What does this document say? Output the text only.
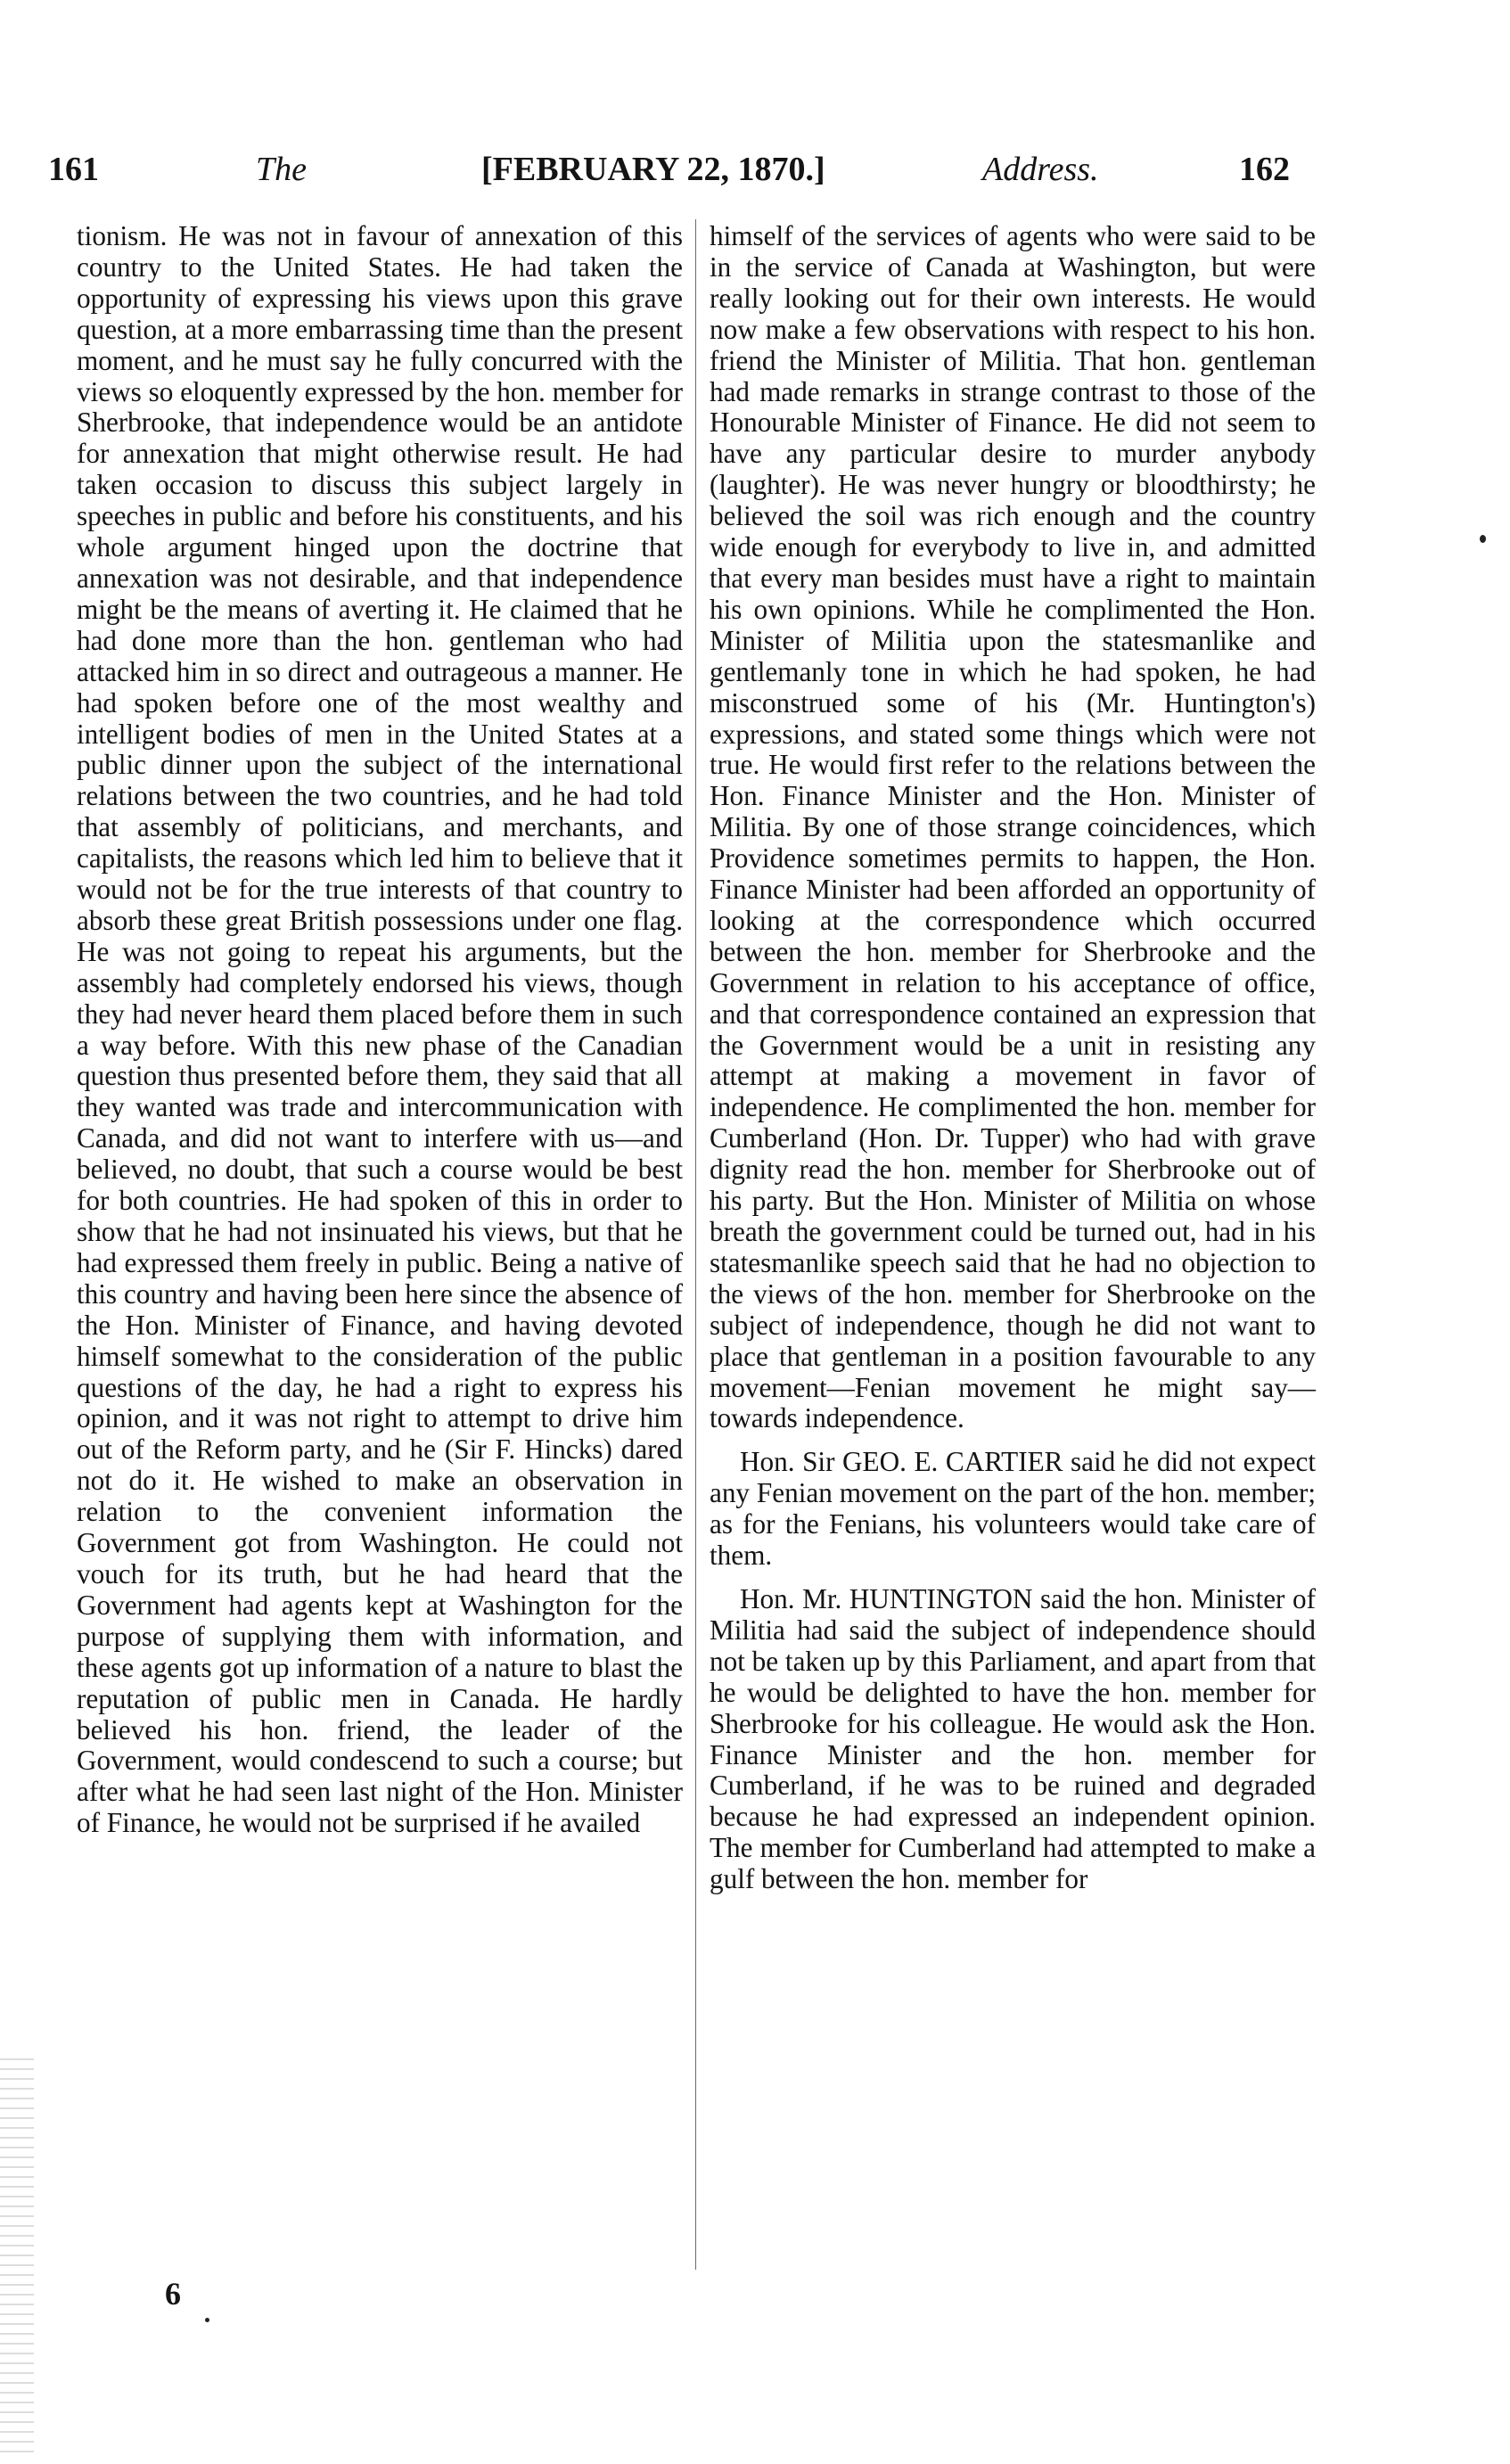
161	The	[FEBRUARY 22, 1870.]	Address.	162

tionism. He was not in favour of annexation of this country to the United States. He had taken the opportunity of expressing his views upon this grave question, at a more embarrassing time than the present moment, and he must say he fully concurred with the views so eloquently expressed by the hon. member for Sherbrooke, that independence would be an antidote for annexation that might otherwise result. He had taken occasion to discuss this subject largely in speeches in public and before his constituents, and his whole argument hinged upon the doctrine that annexation was not desirable, and that independence might be the means of averting it. He claimed that he had done more than the hon. gentleman who had attacked him in so direct and outrageous a manner. He had spoken before one of the most wealthy and intelligent bodies of men in the United States at a public dinner upon the subject of the international relations between the two countries, and he had told that assembly of politicians, and merchants, and capitalists, the reasons which led him to believe that it would not be for the true interests of that country to absorb these great British possessions under one flag. He was not going to repeat his arguments, but the assembly had completely endorsed his views, though they had never heard them placed before them in such a way before. With this new phase of the Canadian question thus presented before them, they said that all they wanted was trade and intercommunication with Canada, and did not want to interfere with us—and believed, no doubt, that such a course would be best for both countries. He had spoken of this in order to show that he had not insinuated his views, but that he had expressed them freely in public. Being a native of this country and having been here since the absence of the Hon. Minister of Finance, and having devoted himself somewhat to the consideration of the public questions of the day, he had a right to express his opinion, and it was not right to attempt to drive him out of the Reform party, and he (Sir F. Hincks) dared not do it. He wished to make an observation in relation to the convenient information the Government got from Washington. He could not vouch for its truth, but he had heard that the Government had agents kept at Washington for the purpose of supplying them with information, and these agents got up information of a nature to blast the reputation of public men in Canada. He hardly believed his hon. friend, the leader of the Government, would condescend to such a course; but after what he had seen last night of the Hon. Minister of Finance, he would not be surprised if he availed

himself of the services of agents who were said to be in the service of Canada at Washington, but were really looking out for their own interests. He would now make a few observations with respect to his hon. friend the Minister of Militia. That hon. gentleman had made remarks in strange contrast to those of the Honourable Minister of Finance. He did not seem to have any particular desire to murder anybody (laughter). He was never hungry or bloodthirsty; he believed the soil was rich enough and the country wide enough for everybody to live in, and admitted that every man besides must have a right to maintain his own opinions. While he complimented the Hon. Minister of Militia upon the statesmanlike and gentlemanly tone in which he had spoken, he had misconstrued some of his (Mr. Huntington's) expressions, and stated some things which were not true. He would first refer to the relations between the Hon. Finance Minister and the Hon. Minister of Militia. By one of those strange coincidences, which Providence sometimes permits to happen, the Hon. Finance Minister had been afforded an opportunity of looking at the correspondence which occurred between the hon. member for Sherbrooke and the Government in relation to his acceptance of office, and that correspondence contained an expression that the Government would be a unit in resisting any attempt at making a movement in favor of independence. He complimented the hon. member for Cumberland (Hon. Dr. Tupper) who had with grave dignity read the hon. member for Sherbrooke out of his party. But the Hon. Minister of Militia on whose breath the government could be turned out, had in his statesmanlike speech said that he had no objection to the views of the hon. member for Sherbrooke on the subject of independence, though he did not want to place that gentleman in a position favourable to any movement—Fenian movement he might say—towards independence.

Hon. Sir GEO. E. CARTIER said he did not expect any Fenian movement on the part of the hon. member; as for the Fenians, his volunteers would take care of them.

Hon. Mr. HUNTINGTON said the hon. Minister of Militia had said the subject of independence should not be taken up by this Parliament, and apart from that he would be delighted to have the hon. member for Sherbrooke for his colleague. He would ask the Hon. Finance Minister and the hon. member for Cumberland, if he was to be ruined and degraded because he had expressed an independent opinion. The member for Cumberland had attempted to make a gulf between the hon. member for

6
